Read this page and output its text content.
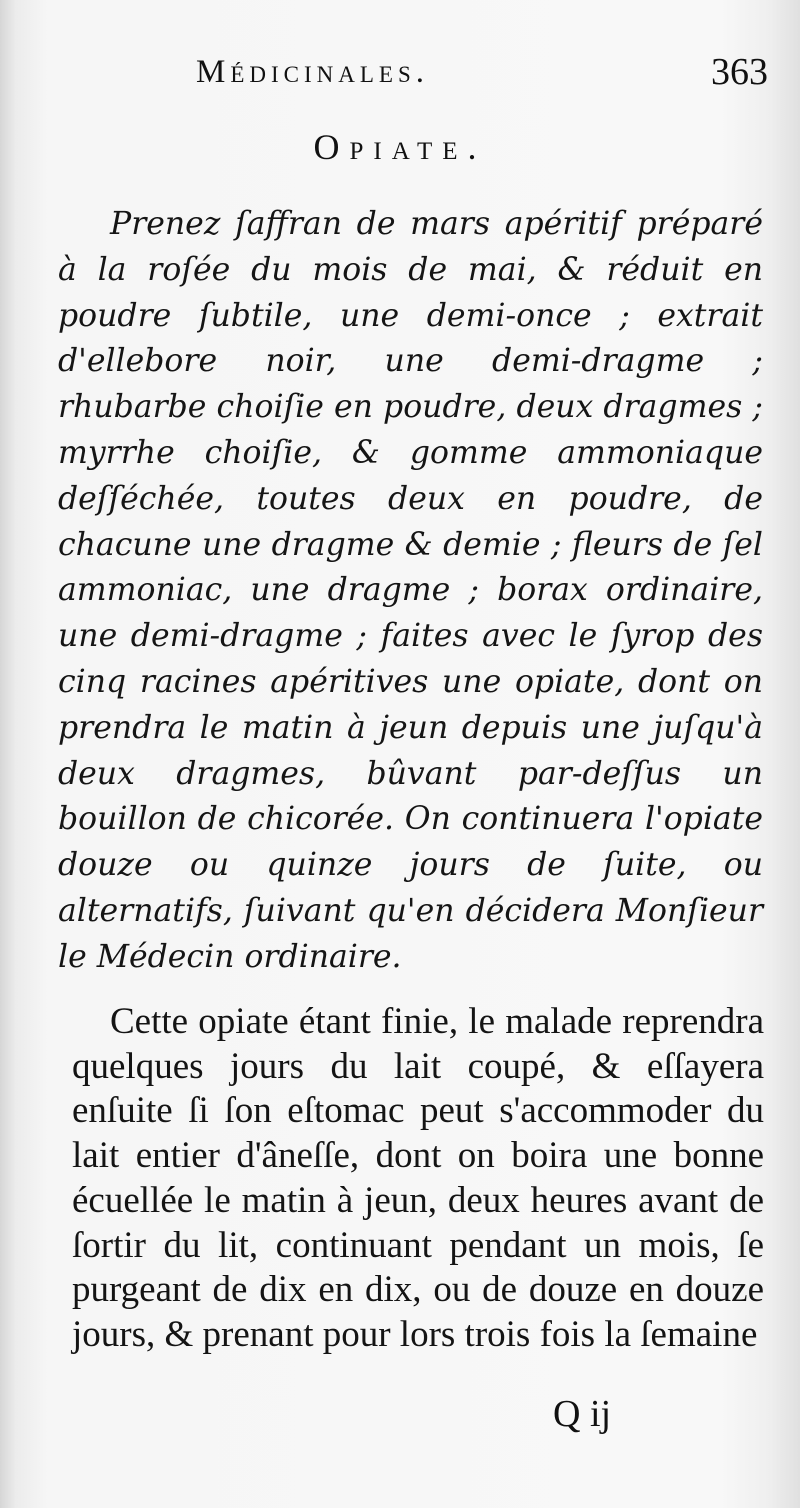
Médicinales.	363
Opiate.

Prenez ſaffran de mars apéritif préparé à la roſée du mois de mai, & réduit en poudre ſubtile, une demi-once ; extrait d'ellebore noir, une demi-dragme ; rhubarbe choiſie en poudre, deux dragmes ; myrrhe choiſie, & gomme ammoniaque deſſéchée, toutes deux en poudre, de chacune une dragme & demie ; fleurs de ſel ammoniac, une dragme ; borax ordinaire, une demi-dragme ; faites avec le ſyrop des cinq racines apéritives une opiate, dont on prendra le matin à jeun depuis une juſqu'à deux dragmes, bûvant par-deſſus un bouillon de chicorée. On continuera l'opiate douze ou quinze jours de ſuite, ou alternatifs, ſuivant qu'en décidera Monſieur le Médecin ordinaire.

Cette opiate étant finie, le malade reprendra quelques jours du lait coupé, & eſſayera enſuite ſi ſon eſtomac peut s'accommoder du lait entier d'âneſſe, dont on boira une bonne écuellée le matin à jeun, deux heures avant de ſortir du lit, continuant pendant un mois, ſe purgeant de dix en dix, ou de douze en douze jours, & prenant pour lors trois fois la ſemaine

Q ij
